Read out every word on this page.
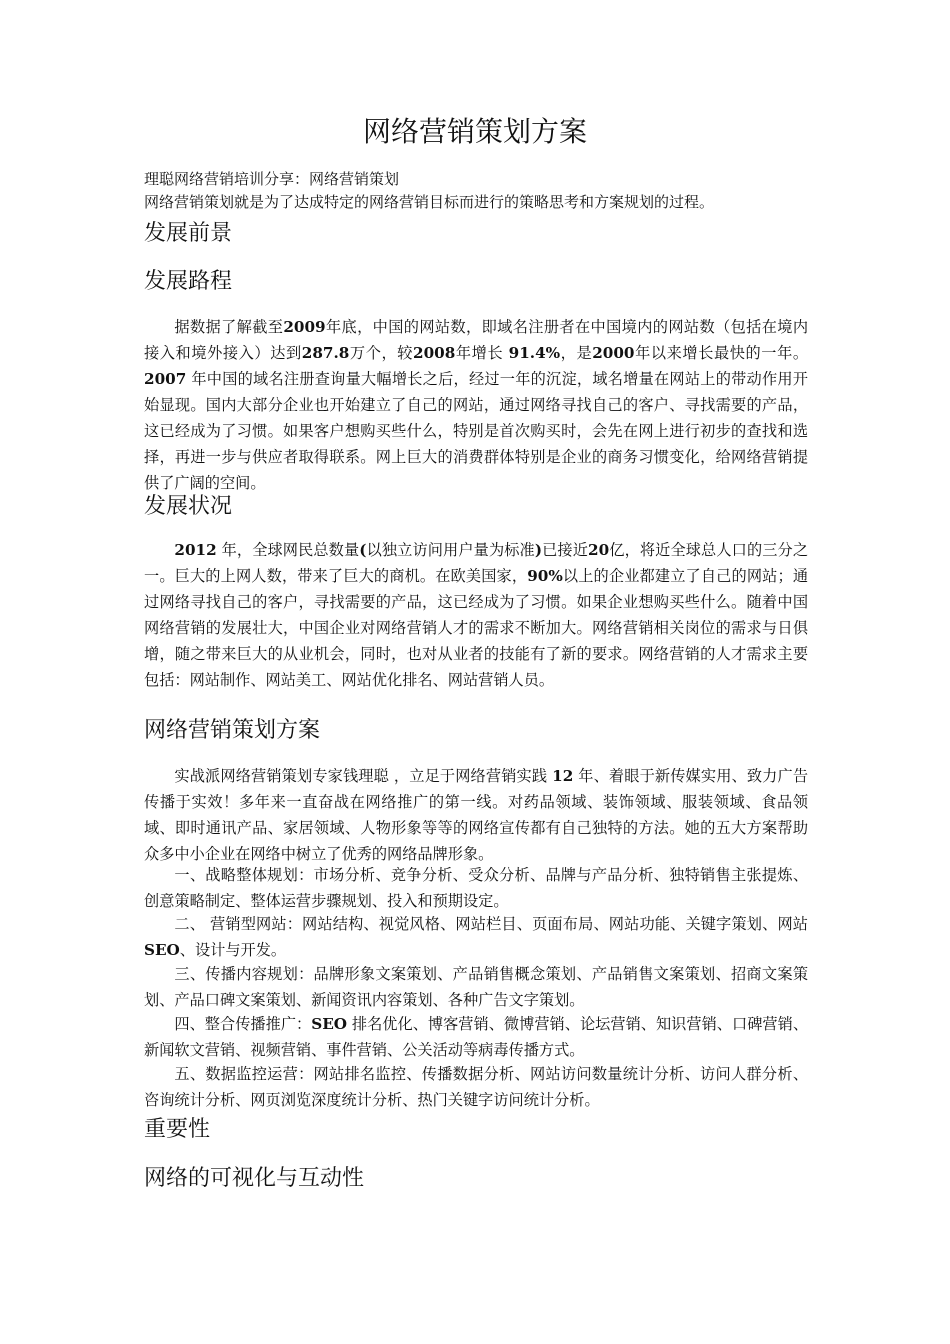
网络营销策划方案

理聪网络营销培训分享：网络营销策划

网络营销策划就是为了达成特定的网络营销目标而进行的策略思考和方案规划的过程。

发展前景
发展路程

据数据了解截至2009年底，中国的网站数，即域名注册者在中国境内的网站数（包括在境内接入和境外接入）达到287.8万个，较2008年增长 91.4%，是2000年以来增长最快的一年。2007 年中国的域名注册查询量大幅增长之后，经过一年的沉淀，域名增量在网站上的带动作用开始显现。国内大部分企业也开始建立了自己的网站，通过网络寻找自己的客户、寻找需要的产品，这已经成为了习惯。如果客户想购买些什么，特别是首次购买时，会先在网上进行初步的查找和选择，再进一步与供应者取得联系。网上巨大的消费群体特别是企业的商务习惯变化，给网络营销提供了广阔的空间。

发展状况

2012 年，全球网民总数量(以独立访问用户量为标准)已接近20亿，将近全球总人口的三分之一。巨大的上网人数，带来了巨大的商机。在欧美国家，90%以上的企业都建立了自己的网站；通过网络寻找自己的客户，寻找需要的产品，这已经成为了习惯。如果企业想购买些什么。随着中国网络营销的发展壮大，中国企业对网络营销人才的需求不断加大。网络营销相关岗位的需求与日俱增，随之带来巨大的从业机会，同时，也对从业者的技能有了新的要求。网络营销的人才需求主要包括：网站制作、网站美工、网站优化排名、网站营销人员。

网络营销策划方案

实战派网络营销策划专家钱理聪 ，立足于网络营销实践 12 年、着眼于新传媒实用、致力广告传播于实效！多年来一直奋战在网络推广的第一线。对药品领域、装饰领域、服装领域、食品领域、即时通讯产品、家居领域、人物形象等等的网络宣传都有自己独特的方法。她的五大方案帮助众多中小企业在网络中树立了优秀的网络品牌形象。

一、战略整体规划：市场分析、竞争分析、受众分析、品牌与产品分析、独特销售主张提炼、创意策略制定、整体运营步骤规划、投入和预期设定。

二、 营销型网站：网站结构、视觉风格、网站栏目、页面布局、网站功能、关键字策划、网站 SEO、设计与开发。

三、传播内容规划：品牌形象文案策划、产品销售概念策划、产品销售文案策划、招商文案策划、产品口碑文案策划、新闻资讯内容策划、各种广告文字策划。

四、整合传播推广：SEO 排名优化、博客营销、微博营销、论坛营销、知识营销、口碑营销、新闻软文营销、视频营销、事件营销、公关活动等病毒传播方式。

五、数据监控运营：网站排名监控、传播数据分析、网站访问数量统计分析、访问人群分析、咨询统计分析、网页浏览深度统计分析、热门关键字访问统计分析。

重要性
网络的可视化与互动性
